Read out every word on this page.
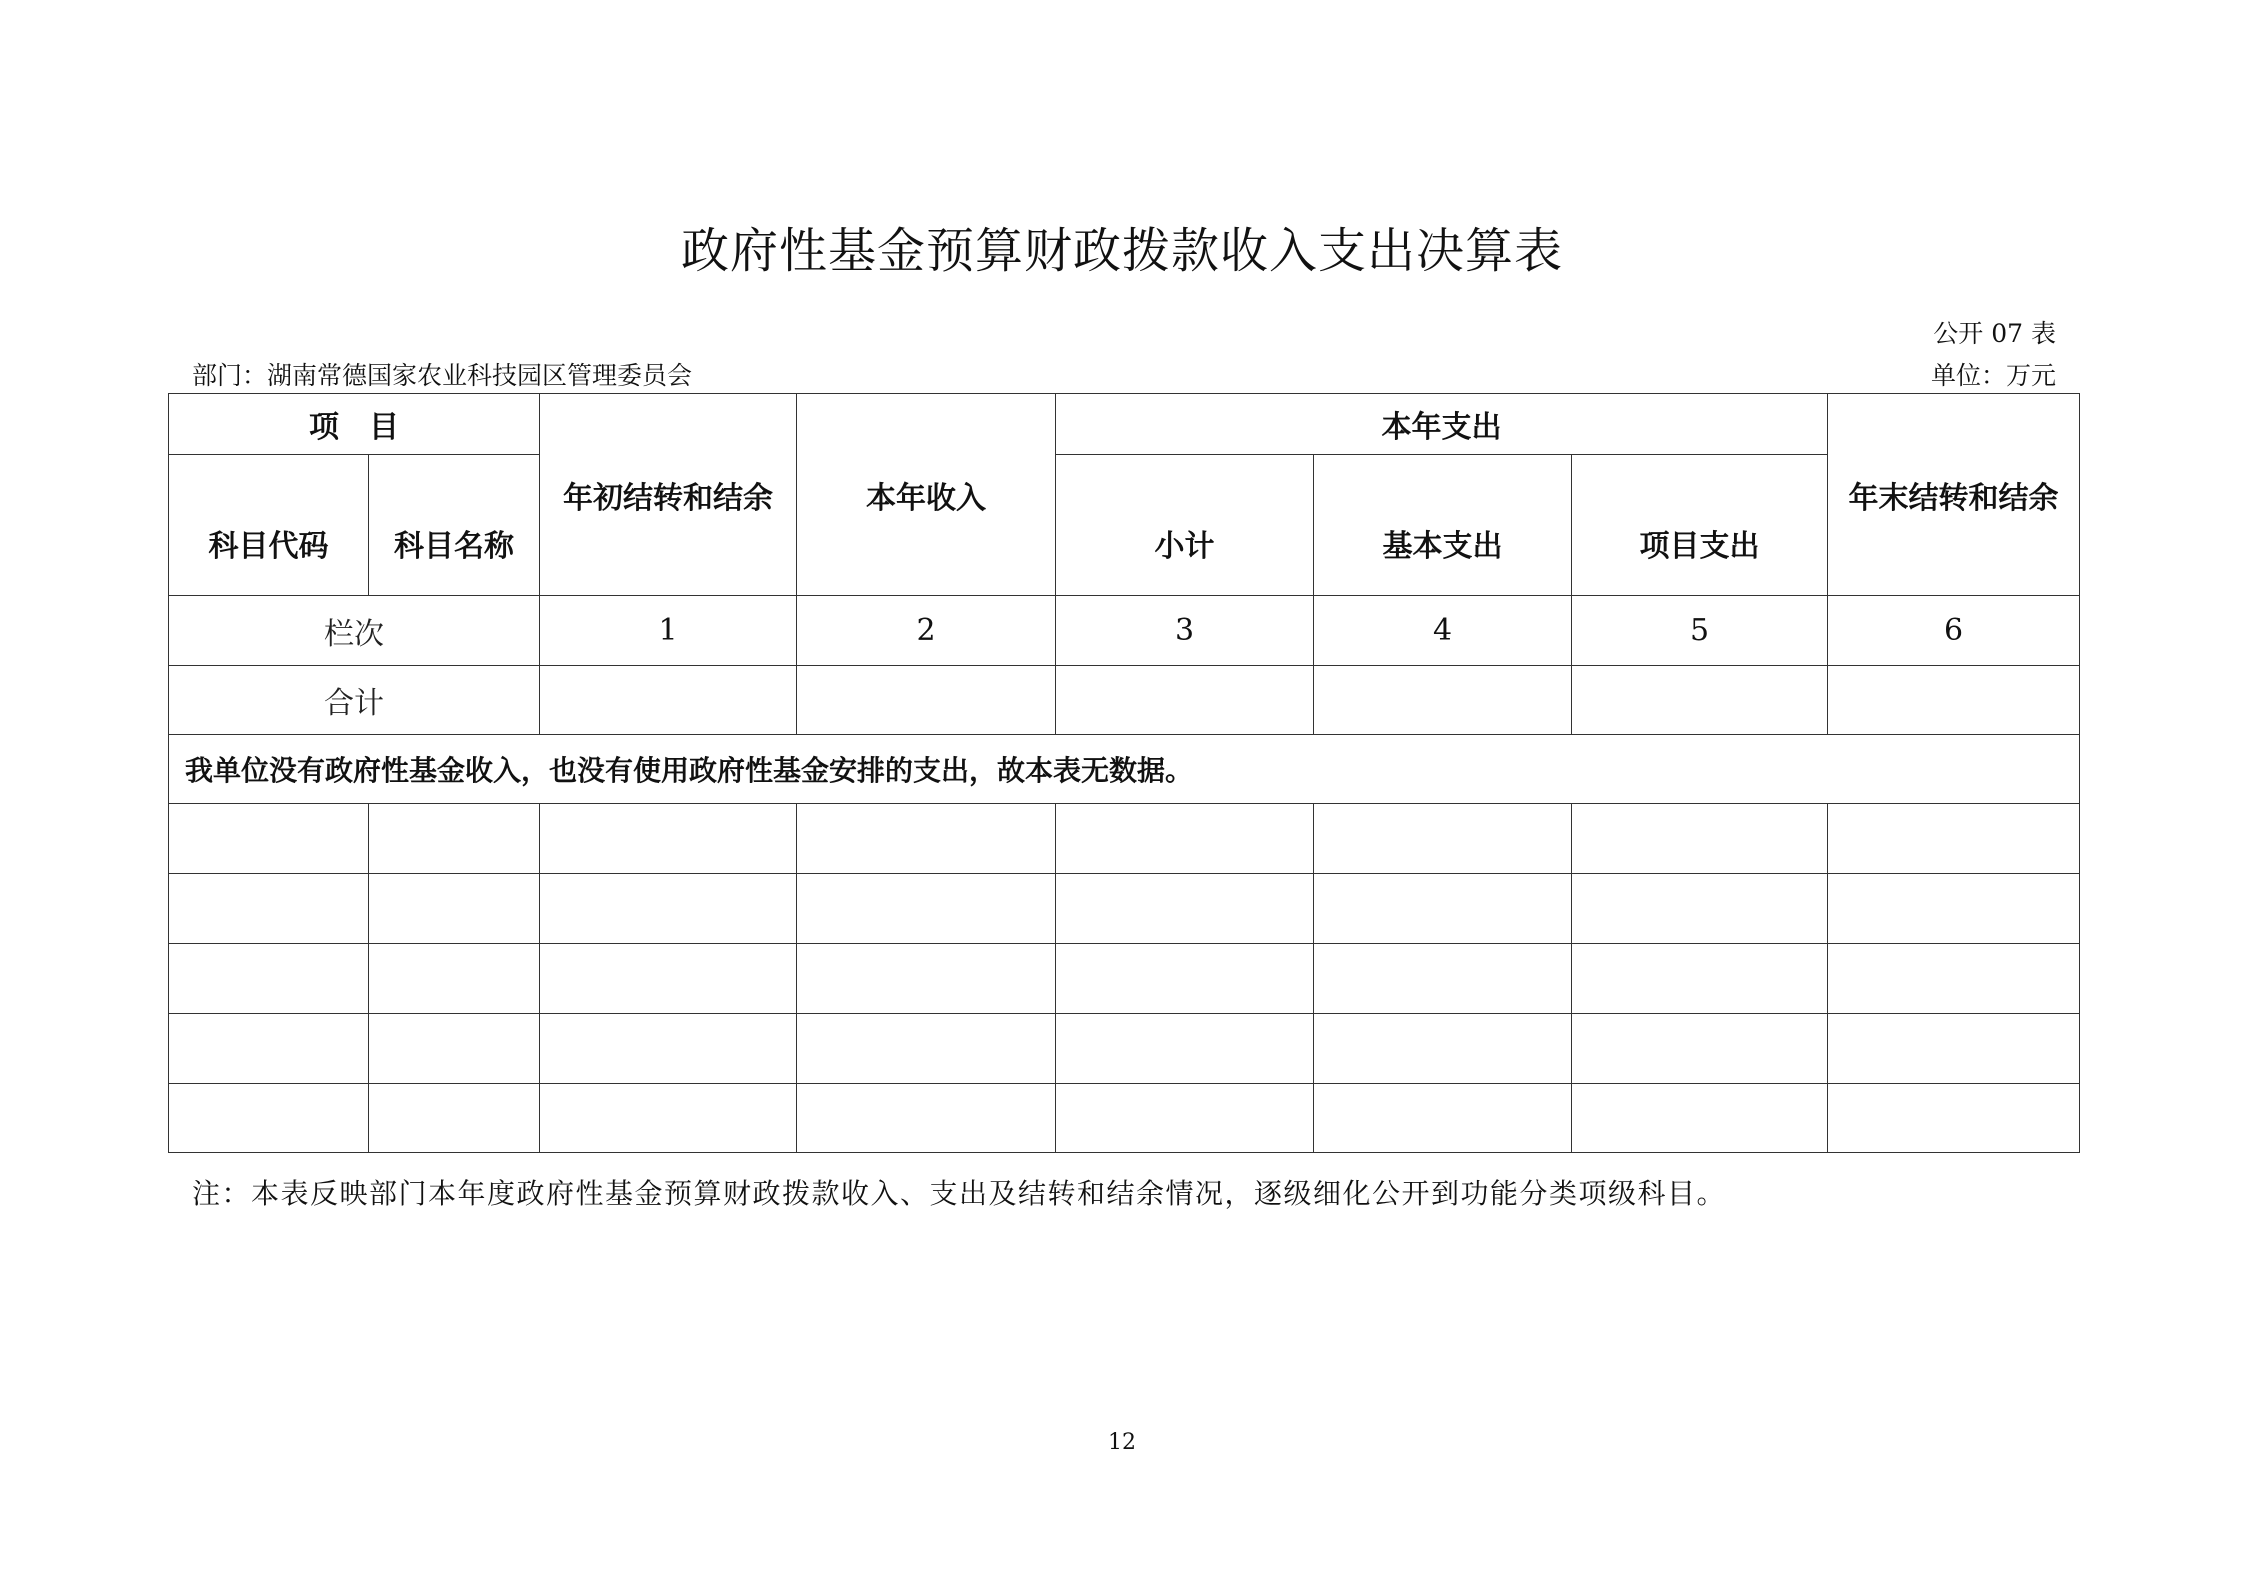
政府性基金预算财政拨款收入支出决算表
公开 07 表
部门：湖南常德国家农业科技园区管理委员会	单位：万元
项　目		年初结转和结余	本年收入	本年支出			年末结转和结余

科目代码	科目名称			小计	基本支出	项目支出	

栏次		1	2	3	4	5	6
合计							
我单位没有政府性基金收入，也没有使用政府性基金安排的支出，故本表无数据。							

注：本表反映部门本年度政府性基金预算财政拨款收入、支出及结转和结余情况，逐级细化公开到功能分类项级科目。
12
